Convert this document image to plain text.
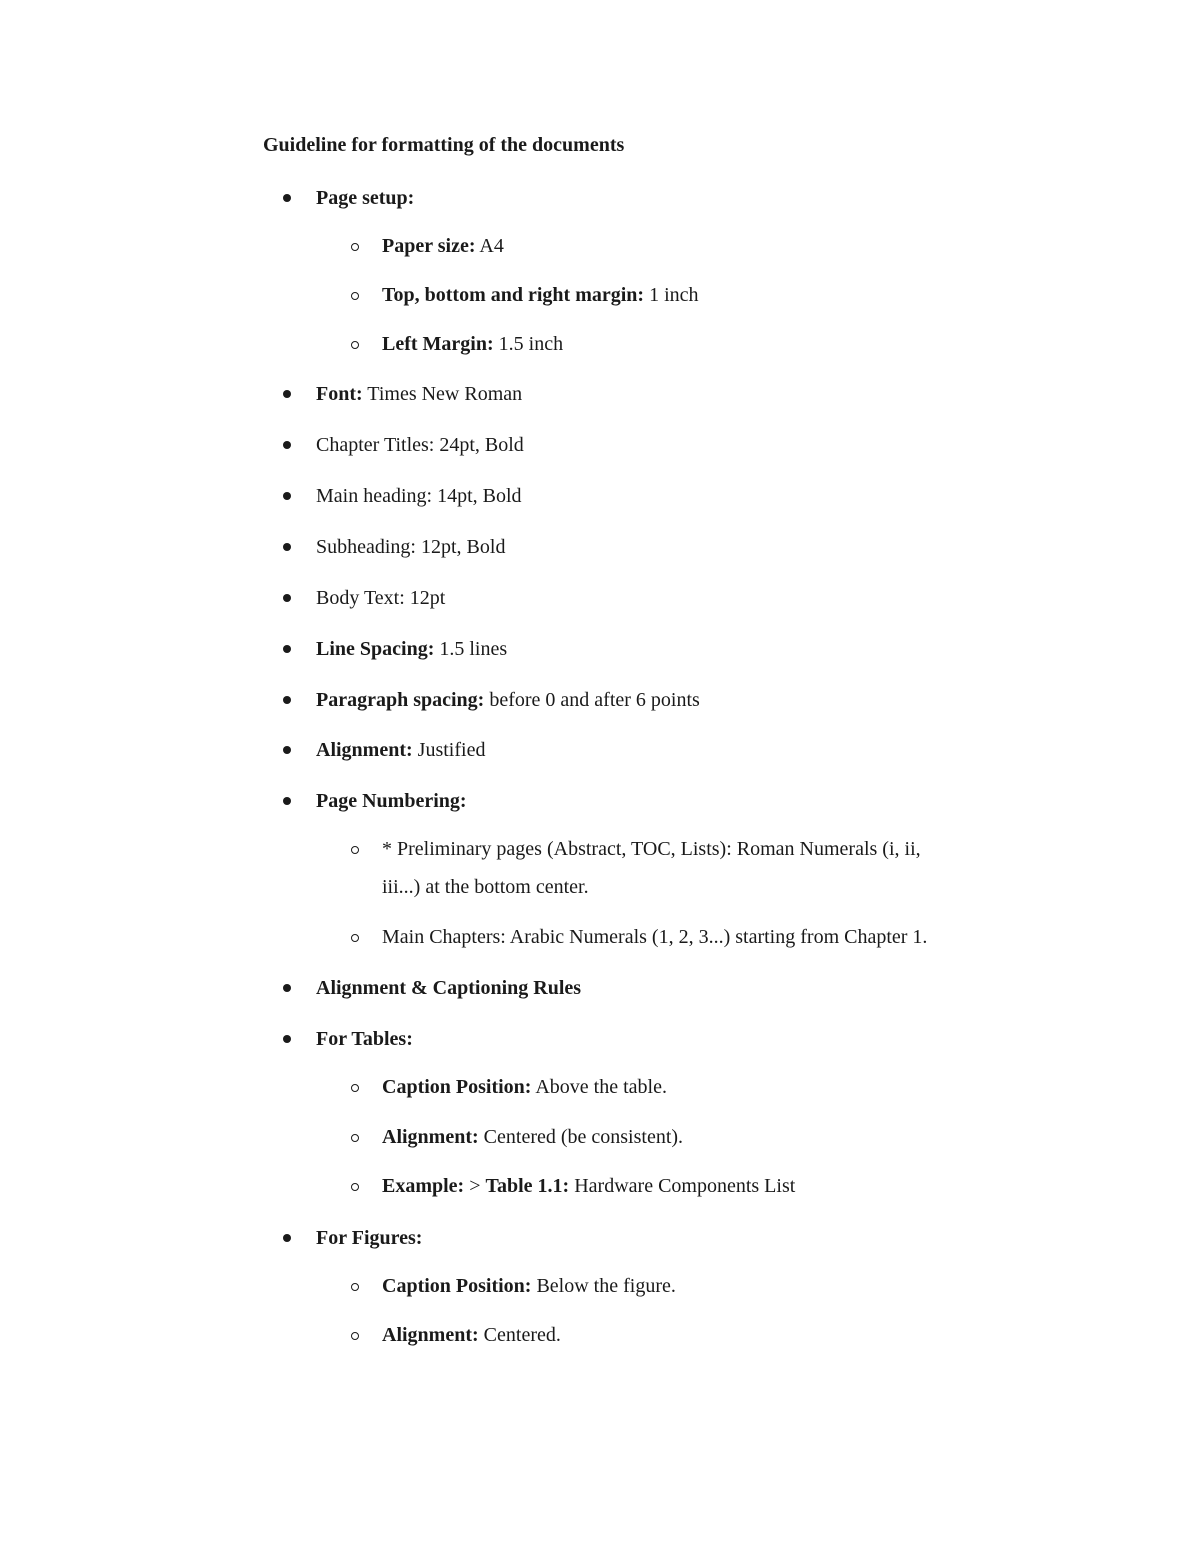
Guideline for formatting of the documents
Page setup:
Paper size: A4
Top, bottom and right margin: 1 inch
Left Margin: 1.5 inch
Font: Times New Roman
Chapter Titles: 24pt, Bold
Main heading: 14pt, Bold
Subheading: 12pt, Bold
Body Text: 12pt
Line Spacing: 1.5 lines
Paragraph spacing: before 0 and after 6 points
Alignment: Justified
Page Numbering:
* Preliminary pages (Abstract, TOC, Lists): Roman Numerals (i, ii,
iii...) at the bottom center.
Main Chapters: Arabic Numerals (1, 2, 3...) starting from Chapter 1.
Alignment & Captioning Rules
For Tables:
Caption Position: Above the table.
Alignment: Centered (be consistent).
Example: > Table 1.1: Hardware Components List
For Figures:
Caption Position: Below the figure.
Alignment: Centered.
